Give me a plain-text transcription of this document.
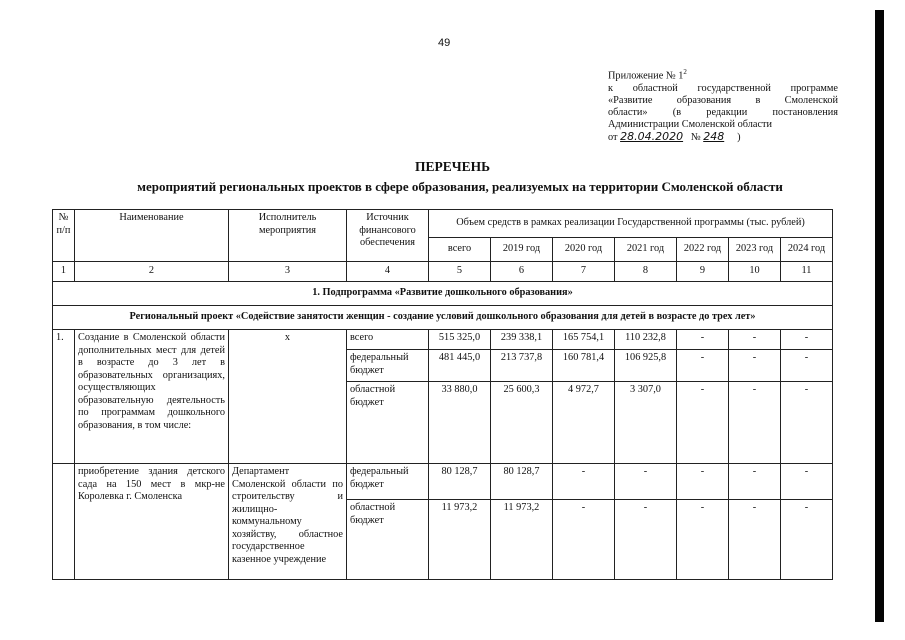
49
Приложение № $1^2$
к областной государственной программе
«Развитие образования в Смоленской
области» (в редакции постановления
Администрации Смоленской области
от 28.04.2020 № 248 )
ПЕРЕЧЕНЬ
мероприятий региональных проектов в сфере образования, реализуемых на территории Смоленской области
№ п/п	Наименование	Исполнитель мероприятия	Источник финансового обеспечения	Объем средств в рамках реализации Государственной программы (тыс. рублей)						
				всего	2019 год	2020 год	2021 год	2022 год	2023 год	2024 год
1	2	3	4	5	6	7	8	9	10	11
1. Подпрограмма «Развитие дошкольного образования»										
Региональный проект «Содействие занятости женщин - создание условий дошкольного образования для детей в возрасте до трех лет»										
1.	Создание в Смоленской области дополнительных мест для детей в возрасте до 3 лет в образовательных организациях, осуществляющих образовательную деятельность по программам дошкольного образования, в том числе:	x	всего	515 325,0	239 338,1	165 754,1	110 232,8	-	-	-
			федеральный бюджет	481 445,0	213 737,8	160 781,4	106 925,8	-	-	-
			областной бюджет	33 880,0	25 600,3	4 972,7	3 307,0	-	-	-
	приобретение здания детского сада на 150 мест в мкр-не Королевка г. Смоленска	Департамент Смоленской области по строительству и жилищно-коммунальному хозяйству, областное государственное казенное учреждение	федеральный бюджет	80 128,7	80 128,7	-	-	-	-	-
			областной бюджет	11 973,2	11 973,2	-	-	-	-	-
